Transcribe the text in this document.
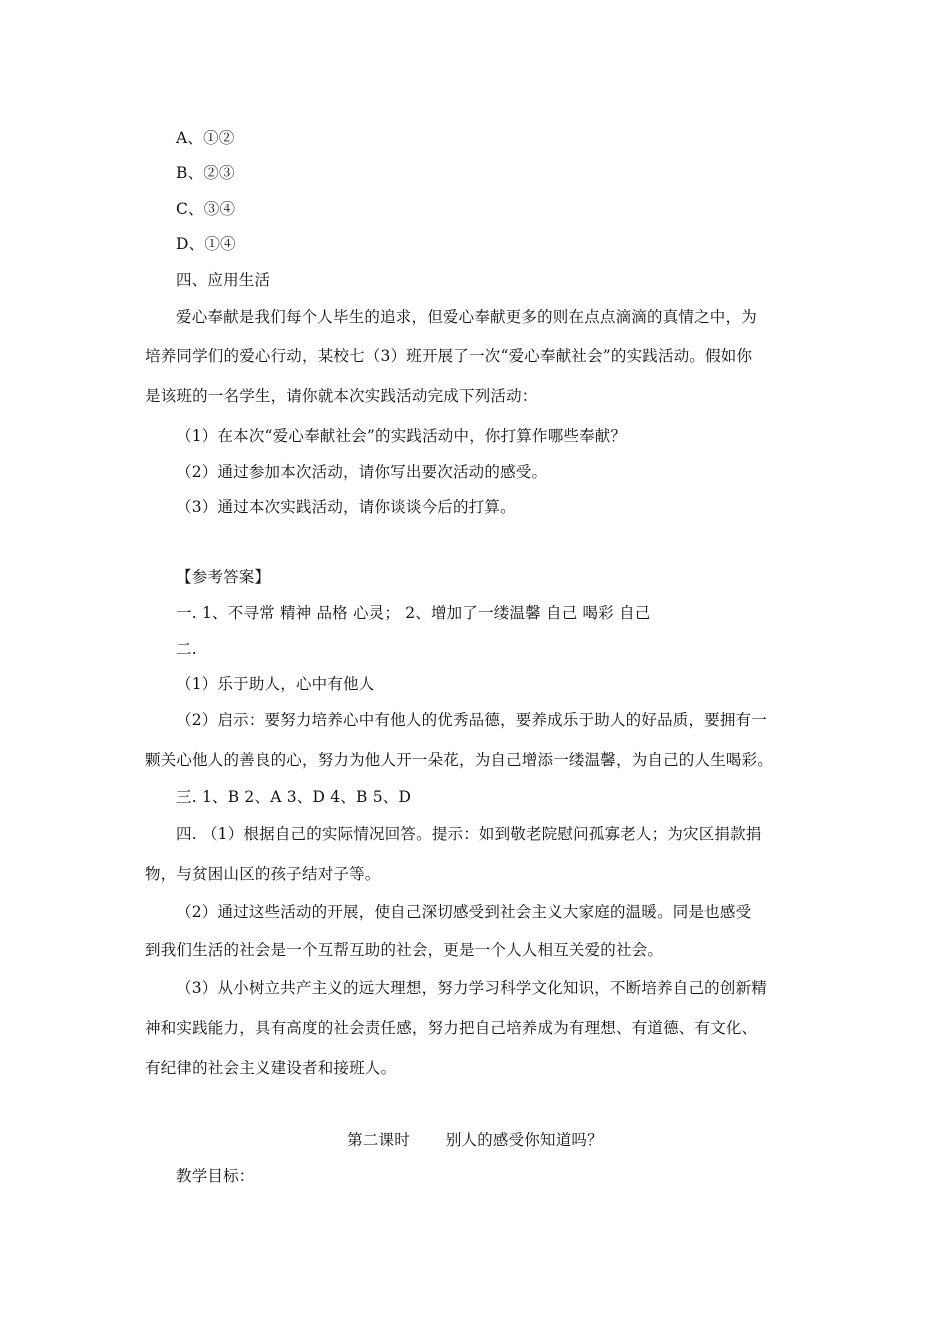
A、①②
B、②③
C、③④
D、①④
四、应用生活
爱心奉献是我们每个人毕生的追求，但爱心奉献更多的则在点点滴滴的真情之中，为
培养同学们的爱心行动，某校七（3）班开展了一次“爱心奉献社会”的实践活动。假如你
是该班的一名学生，请你就本次实践活动完成下列活动：
（1）在本次“爱心奉献社会”的实践活动中，你打算作哪些奉献？
（2）通过参加本次活动，请你写出要次活动的感受。
（3）通过本次实践活动，请你谈谈今后的打算。
【参考答案】
一. 1、不寻常 精神 品格 心灵； 2、增加了一缕温馨 自己 喝彩 自己
二.
（1）乐于助人，心中有他人
（2）启示：要努力培养心中有他人的优秀品德，要养成乐于助人的好品质，要拥有一
颗关心他人的善良的心，努力为他人开一朵花，为自己增添一缕温馨，为自己的人生喝彩。
三. 1、B 2、A 3、D 4、B 5、D
四. （1）根据自己的实际情况回答。提示：如到敬老院慰问孤寡老人；为灾区捐款捐
物，与贫困山区的孩子结对子等。
（2）通过这些活动的开展，使自己深切感受到社会主义大家庭的温暖。同是也感受
到我们生活的社会是一个互帮互助的社会，更是一个人人相互关爱的社会。
（3）从小树立共产主义的远大理想，努力学习科学文化知识，不断培养自己的创新精
神和实践能力，具有高度的社会责任感，努力把自己培养成为有理想、有道德、有文化、
有纪律的社会主义建设者和接班人。
第二课时       别人的感受你知道吗？
教学目标：
